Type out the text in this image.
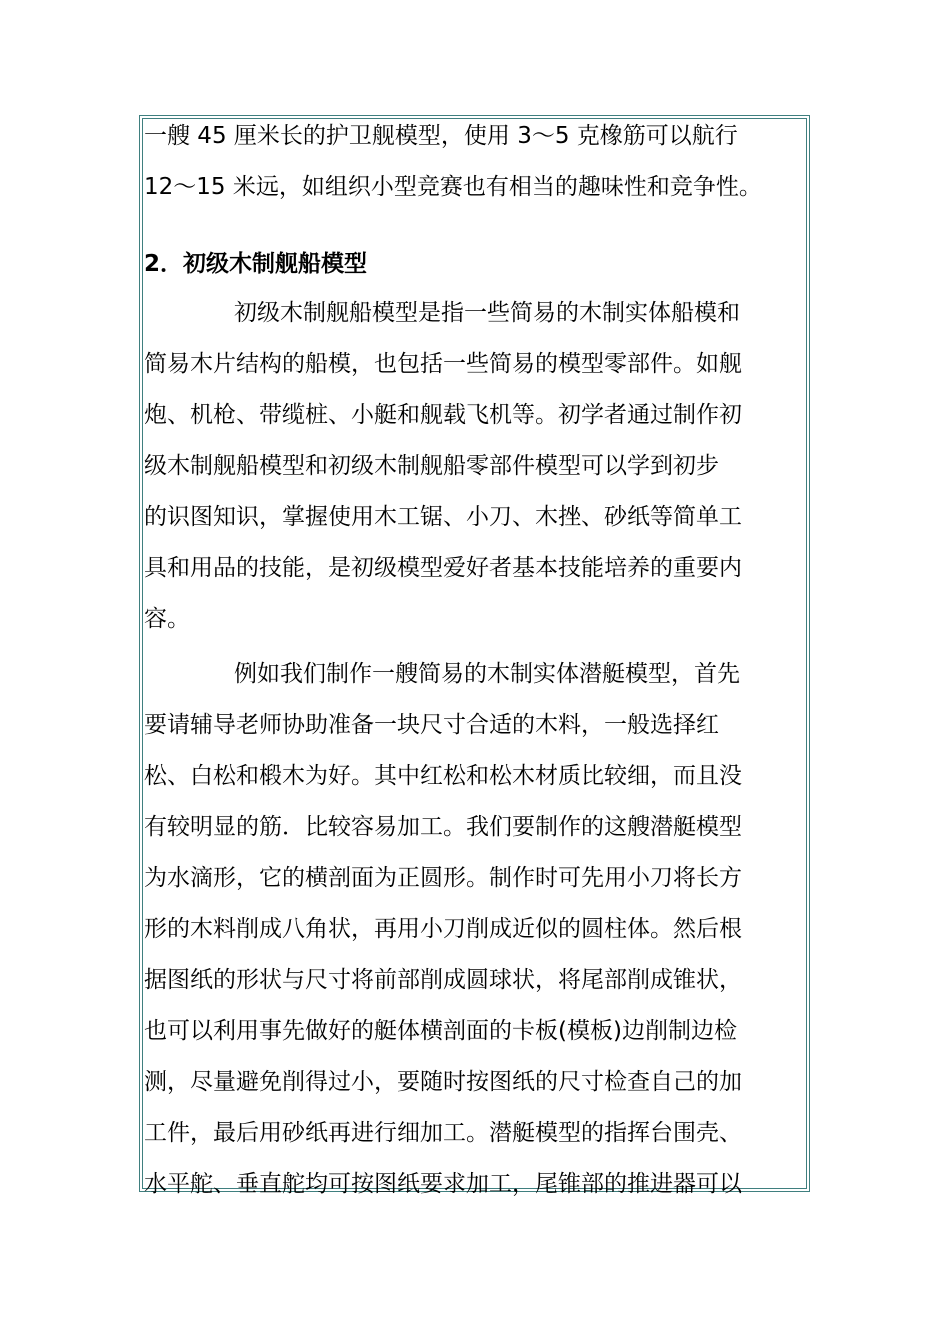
一艘 45 厘米长的护卫舰模型，使用 3～5 克橡筋可以航行
12～15 米远，如组织小型竞赛也有相当的趣味性和竞争性。
2．初级木制舰船模型
初级木制舰船模型是指一些简易的木制实体船模和
简易木片结构的船模，也包括一些简易的模型零部件。如舰
炮、机枪、带缆桩、小艇和舰载飞机等。初学者通过制作初
级木制舰船模型和初级木制舰船零部件模型可以学到初步
的识图知识，掌握使用木工锯、小刀、木挫、砂纸等简单工
具和用品的技能，是初级模型爱好者基本技能培养的重要内
容。
例如我们制作一艘简易的木制实体潜艇模型，首先
要请辅导老师协助准备一块尺寸合适的木料，一般选择红
松、白松和椴木为好。其中红松和松木材质比较细，而且没
有较明显的筋．比较容易加工。我们要制作的这艘潜艇模型
为水滴形，它的横剖面为正圆形。制作时可先用小刀将长方
形的木料削成八角状，再用小刀削成近似的圆柱体。然后根
据图纸的形状与尺寸将前部削成圆球状，将尾部削成锥状，
也可以利用事先做好的艇体横剖面的卡板(模板)边削制边检
测，尽量避免削得过小，要随时按图纸的尺寸检查自己的加
工件，最后用砂纸再进行细加工。潜艇模型的指挥台围壳、
水平舵、垂直舵均可按图纸要求加工，尾锥部的推进器可以
